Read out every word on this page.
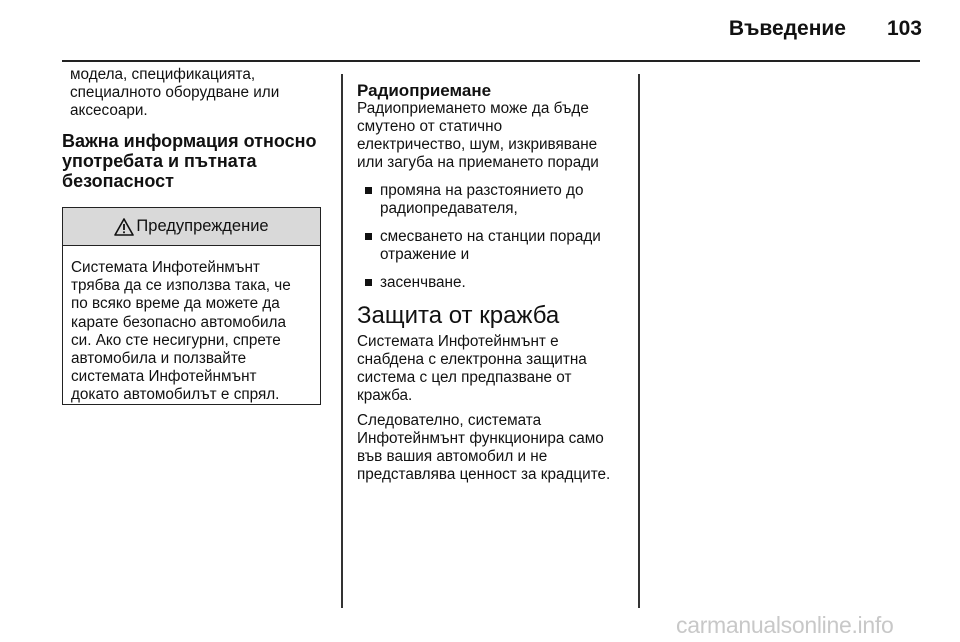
Въведение	103

модела, спецификацията,

специалното оборудване или

аксесоари.

Важна информация относно

употребата и пътната

безопасност

Предупреждение

Системата Инфотейнмънт

трябва да се използва така, че

по всяко време да можете да

карате безопасно автомобила

си. Ако сте несигурни, спрете

автомобила и ползвайте

системата Инфотейнмънт

докато автомобилът е спрял.

Радиоприемане

Радиоприемането може да бъде

смутено от статично

електричество, шум, изкривяване

или загуба на приемането поради

промяна на разстоянието до

радиопредавателя,

смесването на станции поради

отражение и

засенчване.

Защита от кражба

Системата Инфотейнмънт е

снабдена с електронна защитна

система с цел предпазване от

кражба.

Следователно, системата

Инфотейнмънт функционира само

във вашия автомобил и не

представлява ценност за крадците.

carmanualsonline.info
